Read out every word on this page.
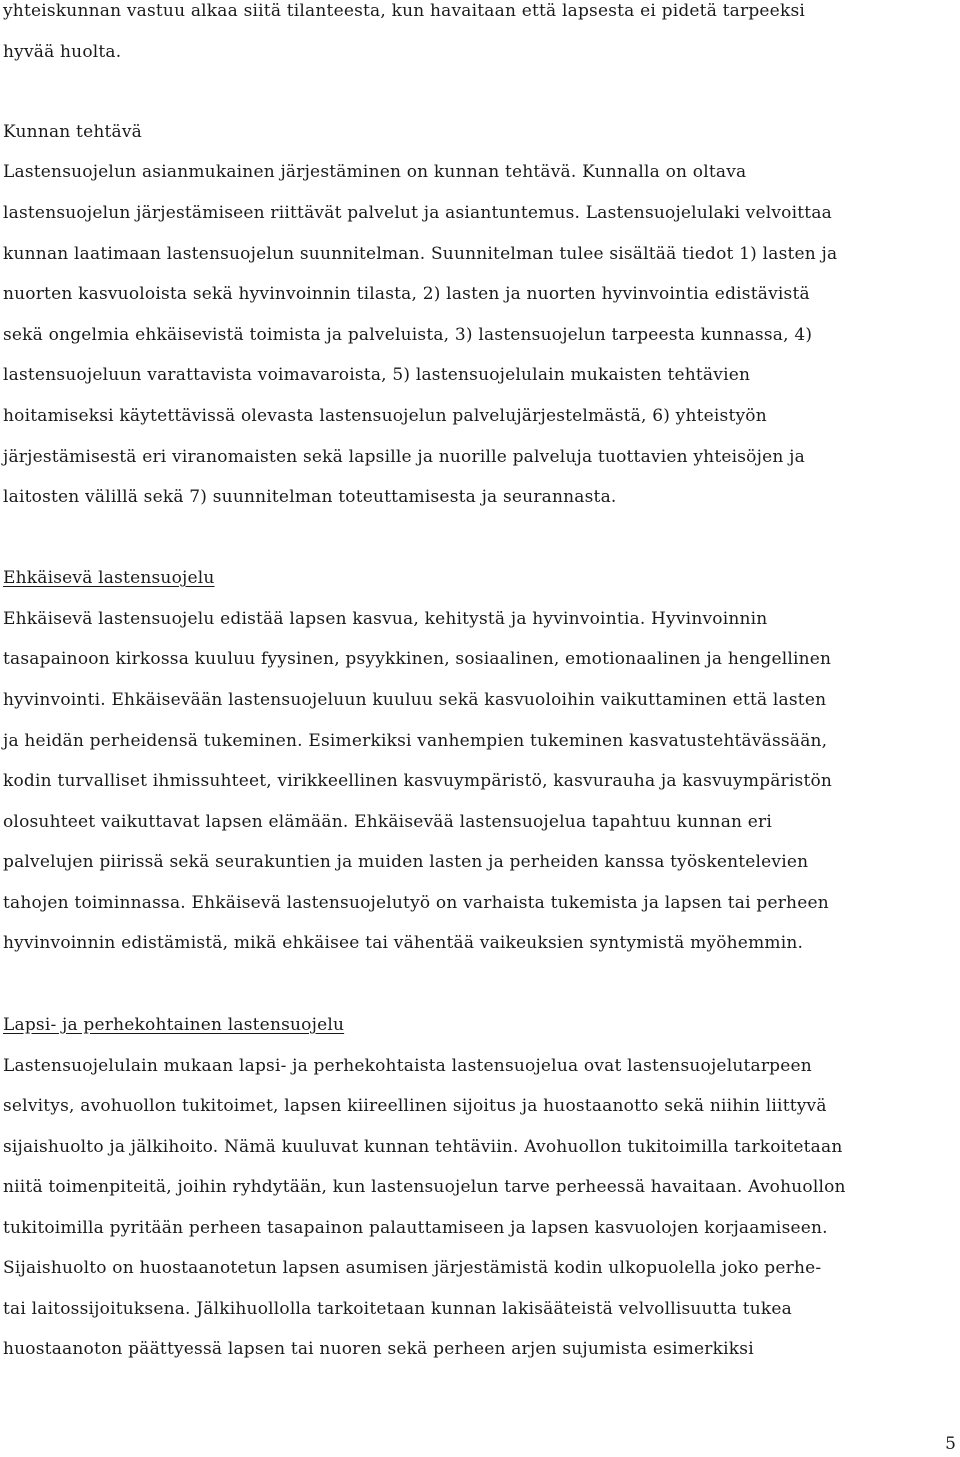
yhteiskunnan vastuu alkaa siitä tilanteesta, kun havaitaan että lapsesta ei pidetä tarpeeksi
hyvää huolta.
Kunnan tehtävä
Lastensuojelun asianmukainen järjestäminen on kunnan tehtävä. Kunnalla on oltava
lastensuojelun järjestämiseen riittävät palvelut ja asiantuntemus. Lastensuojelulaki velvoittaa
kunnan laatimaan lastensuojelun suunnitelman. Suunnitelman tulee sisältää tiedot 1) lasten ja
nuorten kasvuoloista sekä hyvinvoinnin tilasta, 2) lasten ja nuorten hyvinvointia edistävistä
sekä ongelmia ehkäisevistä toimista ja palveluista, 3) lastensuojelun tarpeesta kunnassa, 4)
lastensuojeluun varattavista voimavaroista, 5) lastensuojelulain mukaisten tehtävien
hoitamiseksi käytettävissä olevasta lastensuojelun palvelujärjestelmästä, 6) yhteistyön
järjestämisestä eri viranomaisten sekä lapsille ja nuorille palveluja tuottavien yhteisöjen ja
laitosten välillä sekä 7) suunnitelman toteuttamisesta ja seurannasta.
Ehkäisevä lastensuojelu
Ehkäisevä lastensuojelu edistää lapsen kasvua, kehitystä ja hyvinvointia. Hyvinvoinnin
tasapainoon kirkossa kuuluu fyysinen, psyykkinen, sosiaalinen, emotionaalinen ja hengellinen
hyvinvointi. Ehkäisevään lastensuojeluun kuuluu sekä kasvuoloihin vaikuttaminen että lasten
ja heidän perheidensä tukeminen. Esimerkiksi vanhempien tukeminen kasvatustehtävässään,
kodin turvalliset ihmissuhteet, virikkeellinen kasvuympäristö, kasvurauha ja kasvuympäristön
olosuhteet vaikuttavat lapsen elämään. Ehkäisevää lastensuojelua tapahtuu kunnan eri
palvelujen piirissä sekä seurakuntien ja muiden lasten ja perheiden kanssa työskentelevien
tahojen toiminnassa. Ehkäisevä lastensuojelutyö on varhaista tukemista ja lapsen tai perheen
hyvinvoinnin edistämistä, mikä ehkäisee tai vähentää vaikeuksien syntymistä myöhemmin.
Lapsi- ja perhekohtainen lastensuojelu
Lastensuojelulain mukaan lapsi- ja perhekohtaista lastensuojelua ovat lastensuojelutarpeen
selvitys, avohuollon tukitoimet, lapsen kiireellinen sijoitus ja huostaanotto sekä niihin liittyvä
sijaishuolto ja jälkihoito. Nämä kuuluvat kunnan tehtäviin. Avohuollon tukitoimilla tarkoitetaan
niitä toimenpiteitä, joihin ryhdytään, kun lastensuojelun tarve perheessä havaitaan. Avohuollon
tukitoimilla pyritään perheen tasapainon palauttamiseen ja lapsen kasvuolojen korjaamiseen.
Sijaishuolto on huostaanotetun lapsen asumisen järjestämistä kodin ulkopuolella joko perhe-
tai laitossijoituksena. Jälkihuollolla tarkoitetaan kunnan lakisääteistä velvollisuutta tukea
huostaanoton päättyessä lapsen tai nuoren sekä perheen arjen sujumista esimerkiksi
5
